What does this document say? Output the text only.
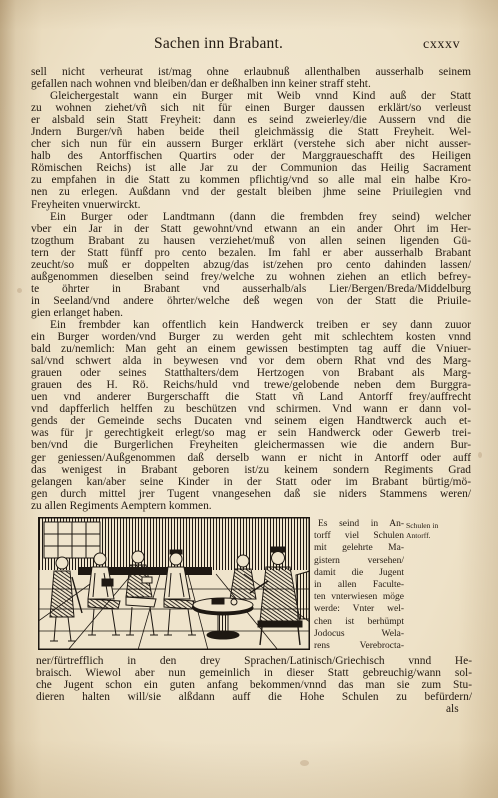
Sachen inn Brabant.	cxxxv
sell nicht verheurat ist/mag ohne erlaubnuß allenthalben ausserhalb seinem
gefallen nach wohnen vnd bleiben/dan er deßhalben inn keiner straff steht.
Gleichergestalt wann ein Burger mit Weib vnnd Kind auß der Statt
zu wohnen ziehet/vñ sich nit für einen Burger daussen erklärt/so verleust
er alsbald sein Statt Freyheit: dann es seind zweierley/die Aussern vnd die
Jndern Burger/vñ haben beide theil gleichmässig die Statt Freyheit. Wel-
cher sich nun für ein aussern Burger erklärt (verstehe sich aber nicht ausser-
halb des Antorffischen Quartirs oder der Marggraueschafft des Heiligen
Römischen Reichs) ist alle Jar zu der Communion das Heilig Sacrament
zu empfahen in die Statt zu kommen pflichtig/vnd so alle mal ein halbe Kro-
nen zu erlegen. Außdann vnd der gestalt bleiben jhme seine Priuilegien vnd
Freyheiten vnuerwirckt.
Ein Burger oder Landtmann (dann die frembden frey seind) welcher
vber ein Jar in der Statt gewohnt/vnd etwann an ein ander Ohrt im Her-
tzogthum Brabant zu hausen verziehet/muß von allen seinen ligenden Gü-
tern der Statt fünff pro cento bezalen. Im fahl er aber ausserhalb Brabant
zeucht/so muß er doppelten abzug/das ist/zehen pro cento dahinden lassen/
außgenommen dieselben seind frey/welche zu wohnen ziehen an etlich befrey-
te öhrter in Brabant vnd ausserhalb/als Lier/Bergen/Breda/Middelburg
in Seeland/vnd andere öhrter/welche deß wegen von der Statt die Priuile-
gien erlanget haben.
Ein frembder kan offentlich kein Handwerck treiben er sey dann zuuor
ein Burger worden/vnd Burger zu werden geht mit schlechtem kosten vnnd
bald zu/nemlich: Man geht an einem gewissen bestimpten tag auff die Vniuer-
sal/vnd schwert alda in beywesen vnd vor dem obern Rhat vnd des Marg-
grauen oder seines Statthalters/dem Hertzogen von Brabant als Marg-
grauen des H. Rö. Reichs/huld vnd trewe/gelobende neben dem Burggra-
uen vnd anderer Burgerschafft die Statt vñ Land Antorff frey/auffrecht
vnd dapfferlich helffen zu beschützen vnd schirmen. Vnd wann er dann vol-
gends der Gemeinde sechs Ducaten vnd seinem eigen Handtwerck auch et-
was für jr gerechtigkeit erlegt/so mag er sein Handwerck oder Gewerb trei-
ben/vnd die Burgerlichen Freyheiten gleichermassen wie die andern Bur-
ger geniessen/Außgenommen daß derselb wann er nicht in Antorff oder auff
das wenigest in Brabant geboren ist/zu keinem sondern Regiments Grad
gelangen kan/aber seine Kinder in der Statt oder im Brabant bürtig/mö-
gen durch mittel jrer Tugent vnangesehen daß sie niders Stammens weren/
zu allen Regiments Aemptern kommen.
Es seind in An-
torff viel Schulen
mit gelehrte Ma-
gistern versehen/
damit die Jugent
in allen Faculte-
ten vnterwiesen möge
werde: Vnter wel-
chen ist berhümpt
Jodocus Wela-
rens Verebrocta-
Schulen in
Antorff.
ner/fürtrefflich in den drey Sprachen/Latinisch/Griechisch vnnd He-
braisch. Wiewol aber nun gemeinlich in dieser Statt gebreuchig/wann sol-
che Jugent schon ein guten anfang bekommen/vnnd das man sie zum Stu-
dieren halten will/sie alßdann auff die Hohe Schulen zu befürdern/
als
